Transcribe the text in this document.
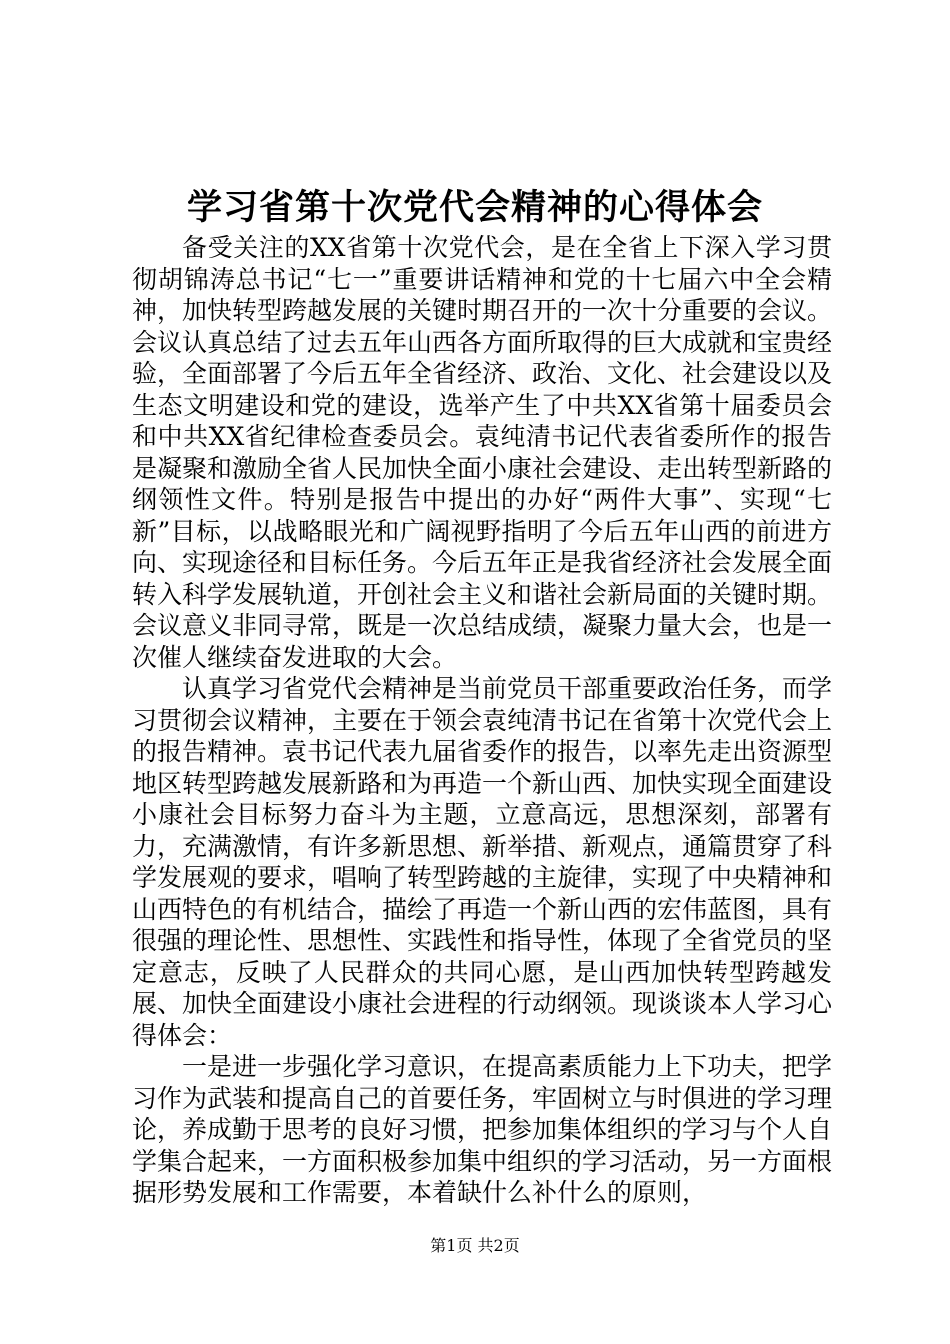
学习省第十次党代会精神的心得体会

备受关注的XX省第十次党代会，是在全省上下深入学习贯彻胡锦涛总书记“七一”重要讲话精神和党的十七届六中全会精神，加快转型跨越发展的关键时期召开的一次十分重要的会议。会议认真总结了过去五年山西各方面所取得的巨大成就和宝贵经验，全面部署了今后五年全省经济、政治、文化、社会建设以及生态文明建设和党的建设，选举产生了中共XX省第十届委员会和中共XX省纪律检查委员会。袁纯清书记代表省委所作的报告是凝聚和激励全省人民加快全面小康社会建设、走出转型新路的纲领性文件。特别是报告中提出的办好“两件大事”、实现“七新”目标，以战略眼光和广阔视野指明了今后五年山西的前进方向、实现途径和目标任务。今后五年正是我省经济社会发展全面转入科学发展轨道，开创社会主义和谐社会新局面的关键时期。会议意义非同寻常，既是一次总结成绩，凝聚力量大会，也是一次催人继续奋发进取的大会。

认真学习省党代会精神是当前党员干部重要政治任务，而学习贯彻会议精神，主要在于领会袁纯清书记在省第十次党代会上的报告精神。袁书记代表九届省委作的报告，以率先走出资源型地区转型跨越发展新路和为再造一个新山西、加快实现全面建设小康社会目标努力奋斗为主题，立意高远，思想深刻，部署有力，充满激情，有许多新思想、新举措、新观点，通篇贯穿了科学发展观的要求，唱响了转型跨越的主旋律，实现了中央精神和山西特色的有机结合，描绘了再造一个新山西的宏伟蓝图，具有很强的理论性、思想性、实践性和指导性，体现了全省党员的坚定意志，反映了人民群众的共同心愿，是山西加快转型跨越发展、加快全面建设小康社会进程的行动纲领。现谈谈本人学习心得体会：

一是进一步强化学习意识，在提高素质能力上下功夫，把学习作为武装和提高自己的首要任务，牢固树立与时俱进的学习理论，养成勤于思考的良好习惯，把参加集体组织的学习与个人自学集合起来，一方面积极参加集中组织的学习活动，另一方面根据形势发展和工作需要，本着缺什么补什么的原则，

第1页 共2页
